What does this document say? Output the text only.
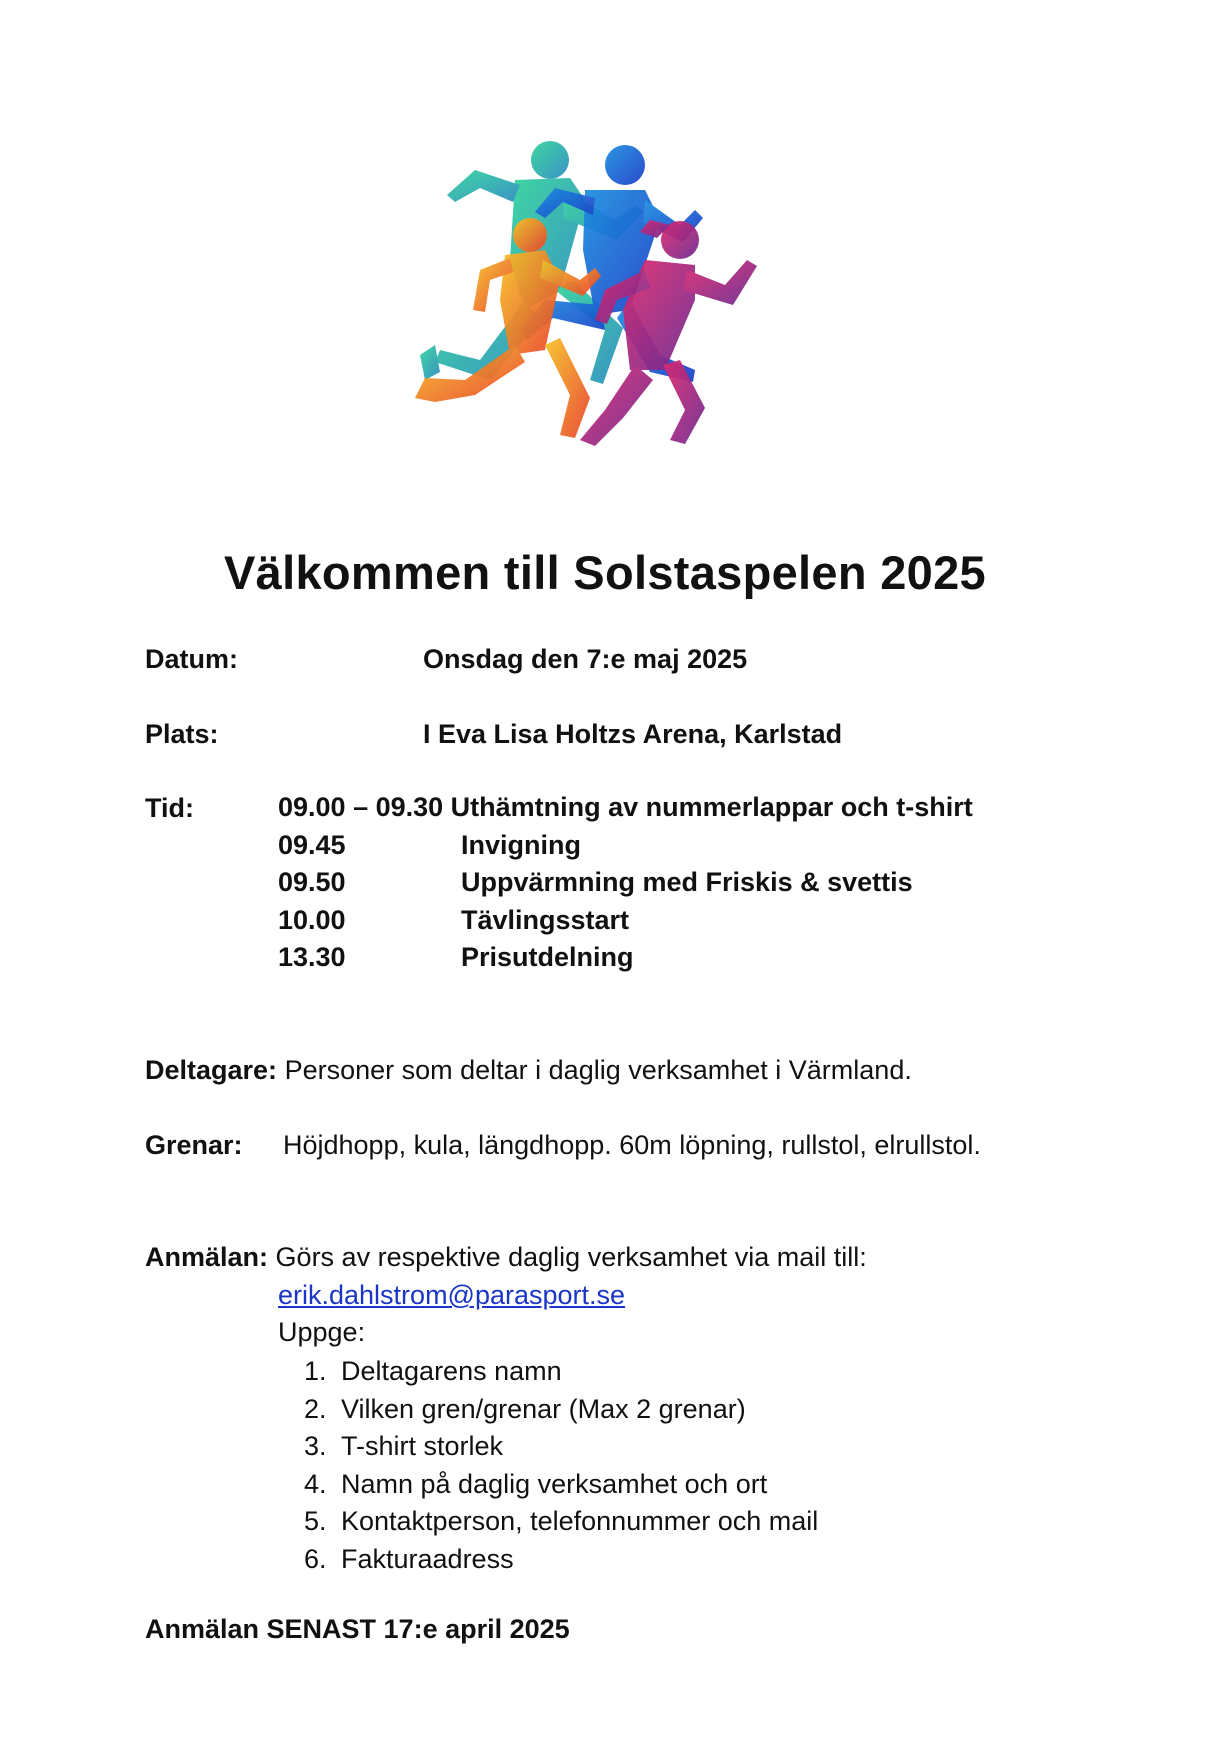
Välkommen till Solstaspelen 2025
Datum:	Onsdag den 7:e maj 2025
Plats:	I Eva Lisa Holtzs Arena, Karlstad
Tid:	09.00 – 09.30 Uthämtning av nummerlappar och t-shirt
09.45	Invigning
09.50	Uppvärmning med Friskis & svettis
10.00	Tävlingsstart
13.30	Prisutdelning
Deltagare: Personer som deltar i daglig verksamhet i Värmland.
Grenar: Höjdhopp, kula, längdhopp. 60m löpning, rullstol, elrullstol.
Anmälan: Görs av respektive daglig verksamhet via mail till:
erik.dahlstrom@parasport.se
Uppge:
1. Deltagarens namn
2. Vilken gren/grenar (Max 2 grenar)
3. T-shirt storlek
4. Namn på daglig verksamhet och ort
5. Kontaktperson, telefonnummer och mail
6. Fakturaadress
Anmälan SENAST 17:e april 2025
